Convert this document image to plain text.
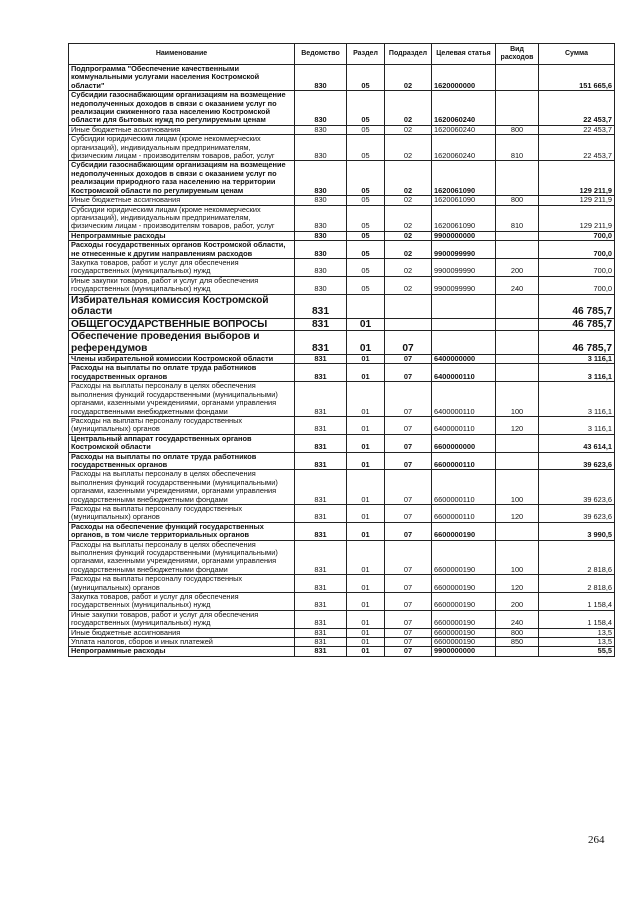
Наименование	Ведомство	Раздел	Подраздел	Целевая статья	Вид расходов	Сумма
Подпрограмма "Обеспечение качественными коммунальными услугами населения Костромской области"	830	05	02	1620000000		151 665,6
Субсидии газоснабжающим организациям на возмещение недополученных доходов в связи с оказанием услуг по реализации сжиженного газа населению Костромской области для бытовых нужд по регулируемым ценам	830	05	02	1620060240		22 453,7
Иные бюджетные ассигнования	830	05	02	1620060240	800	22 453,7
Субсидии юридическим лицам (кроме некоммерческих организаций), индивидуальным предпринимателям, физическим лицам - производителям товаров, работ, услуг	830	05	02	1620060240	810	22 453,7
Субсидии газоснабжающим организациям на возмещение недополученных доходов в связи с оказанием услуг по реализации природного газа населению на территории Костромской области по регулируемым ценам	830	05	02	1620061090		129 211,9
Иные бюджетные ассигнования	830	05	02	1620061090	800	129 211,9
Субсидии юридическим лицам (кроме некоммерческих организаций), индивидуальным предпринимателям, физическим лицам - производителям товаров, работ, услуг	830	05	02	1620061090	810	129 211,9
Непрограммные расходы	830	05	02	9900000000		700,0
Расходы государственных органов Костромской области, не отнесенные к другим направлениям расходов	830	05	02	9900099990		700,0
Закупка товаров, работ и услуг для обеспечения государственных (муниципальных) нужд	830	05	02	9900099990	200	700,0
Иные закупки товаров, работ и услуг для обеспечения государственных (муниципальных) нужд	830	05	02	9900099990	240	700,0
Избирательная комиссия Костромской области	831					46 785,7
ОБЩЕГОСУДАРСТВЕННЫЕ ВОПРОСЫ	831	01				46 785,7
Обеспечение проведения выборов и референдумов	831	01	07			46 785,7
Члены избирательной комиссии Костромской области	831	01	07	6400000000		3 116,1
Расходы на выплаты по оплате труда работников государственных органов	831	01	07	6400000110		3 116,1
Расходы на выплаты персоналу в целях обеспечения выполнения функций государственными (муниципальными) органами, казенными учреждениями, органами управления государственными внебюджетными фондами	831	01	07	6400000110	100	3 116,1
Расходы на выплаты персоналу государственных (муниципальных) органов	831	01	07	6400000110	120	3 116,1
Центральный аппарат государственных органов Костромской области	831	01	07	6600000000		43 614,1
Расходы на выплаты по оплате труда работников государственных органов	831	01	07	6600000110		39 623,6
Расходы на выплаты персоналу в целях обеспечения выполнения функций государственными (муниципальными) органами, казенными учреждениями, органами управления государственными внебюджетными фондами	831	01	07	6600000110	100	39 623,6
Расходы на выплаты персоналу государственных (муниципальных) органов	831	01	07	6600000110	120	39 623,6
Расходы на обеспечение функций государственных органов, в том числе территориальных органов	831	01	07	6600000190		3 990,5
Расходы на выплаты персоналу в целях обеспечения выполнения функций государственными (муниципальными) органами, казенными учреждениями, органами управления государственными внебюджетными фондами	831	01	07	6600000190	100	2 818,6
Расходы на выплаты персоналу государственных (муниципальных) органов	831	01	07	6600000190	120	2 818,6
Закупка товаров, работ и услуг для обеспечения государственных (муниципальных) нужд	831	01	07	6600000190	200	1 158,4
Иные закупки товаров, работ и услуг для обеспечения государственных (муниципальных) нужд	831	01	07	6600000190	240	1 158,4
Иные бюджетные ассигнования	831	01	07	6600000190	800	13,5
Уплата налогов, сборов и иных платежей	831	01	07	6600000190	850	13,5
Непрограммные расходы	831	01	07	9900000000		55,5
264
